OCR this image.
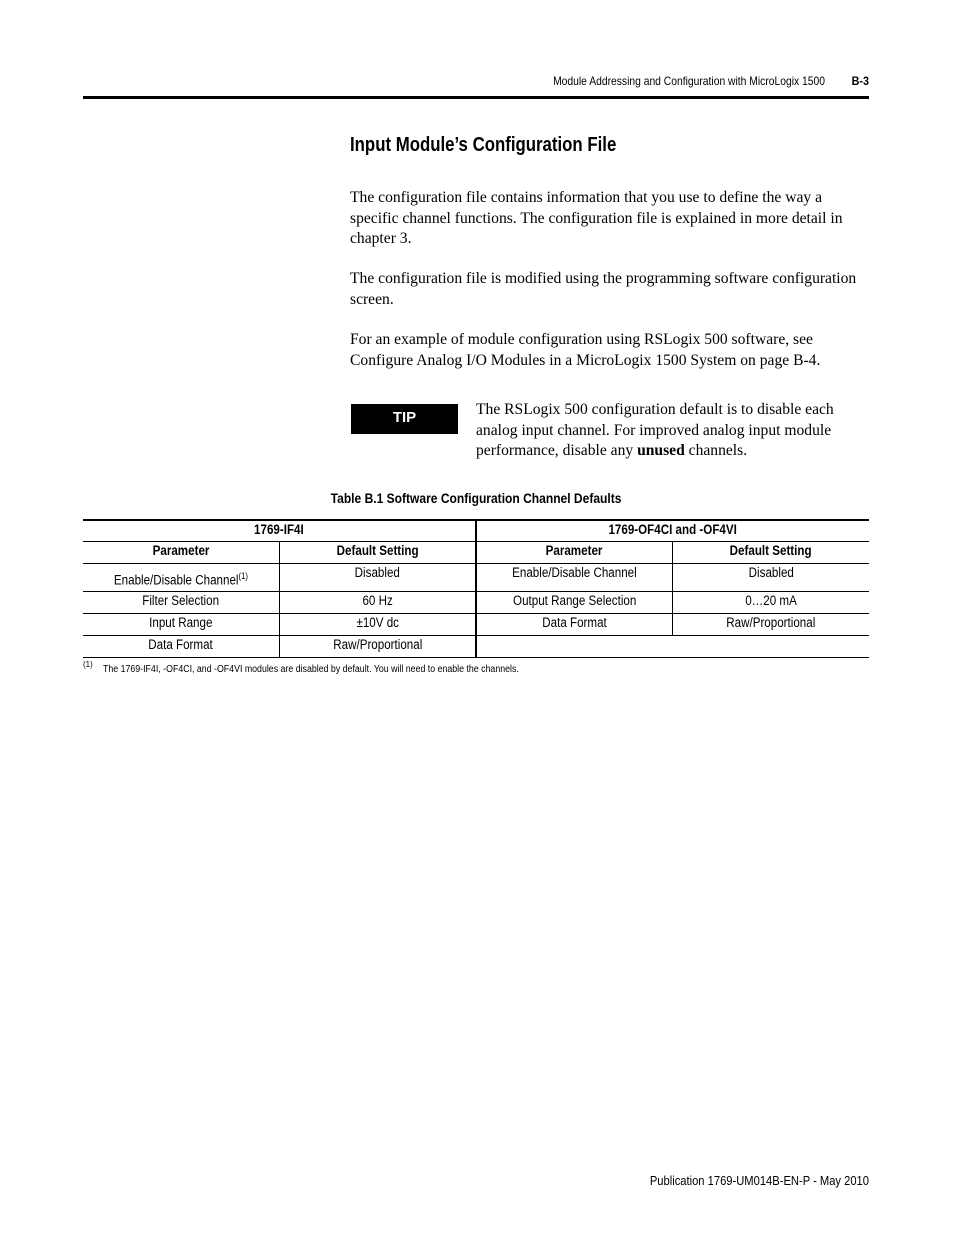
Module Addressing and Configuration with MicroLogix 1500	B-3
Input Module’s Configuration File
The configuration file contains information that you use to define the way a specific channel functions. The configuration file is explained in more detail in chapter 3.
The configuration file is modified using the programming software configuration screen.
For an example of module configuration using RSLogix 500 software, see Configure Analog I/O Modules in a MicroLogix 1500 System on page B-4.
TIP	The RSLogix 500 configuration default is to disable each analog input channel. For improved analog input module performance, disable any unused channels.
Table B.1 Software Configuration Channel Defaults
1769-IF4I		1769-OF4CI and -OF4VI	
Parameter	Default Setting	Parameter	Default Setting
Enable/Disable Channel$^{(1)}$	Disabled	Enable/Disable Channel	Disabled
Filter Selection	60 Hz	Output Range Selection	0…20 mA
Input Range	±10V dc	Data Format	Raw/Proportional
Data Format	Raw/Proportional		
(1) The 1769-IF4I, -OF4CI, and -OF4VI modules are disabled by default. You will need to enable the channels.
Publication 1769-UM014B-EN-P - May 2010
